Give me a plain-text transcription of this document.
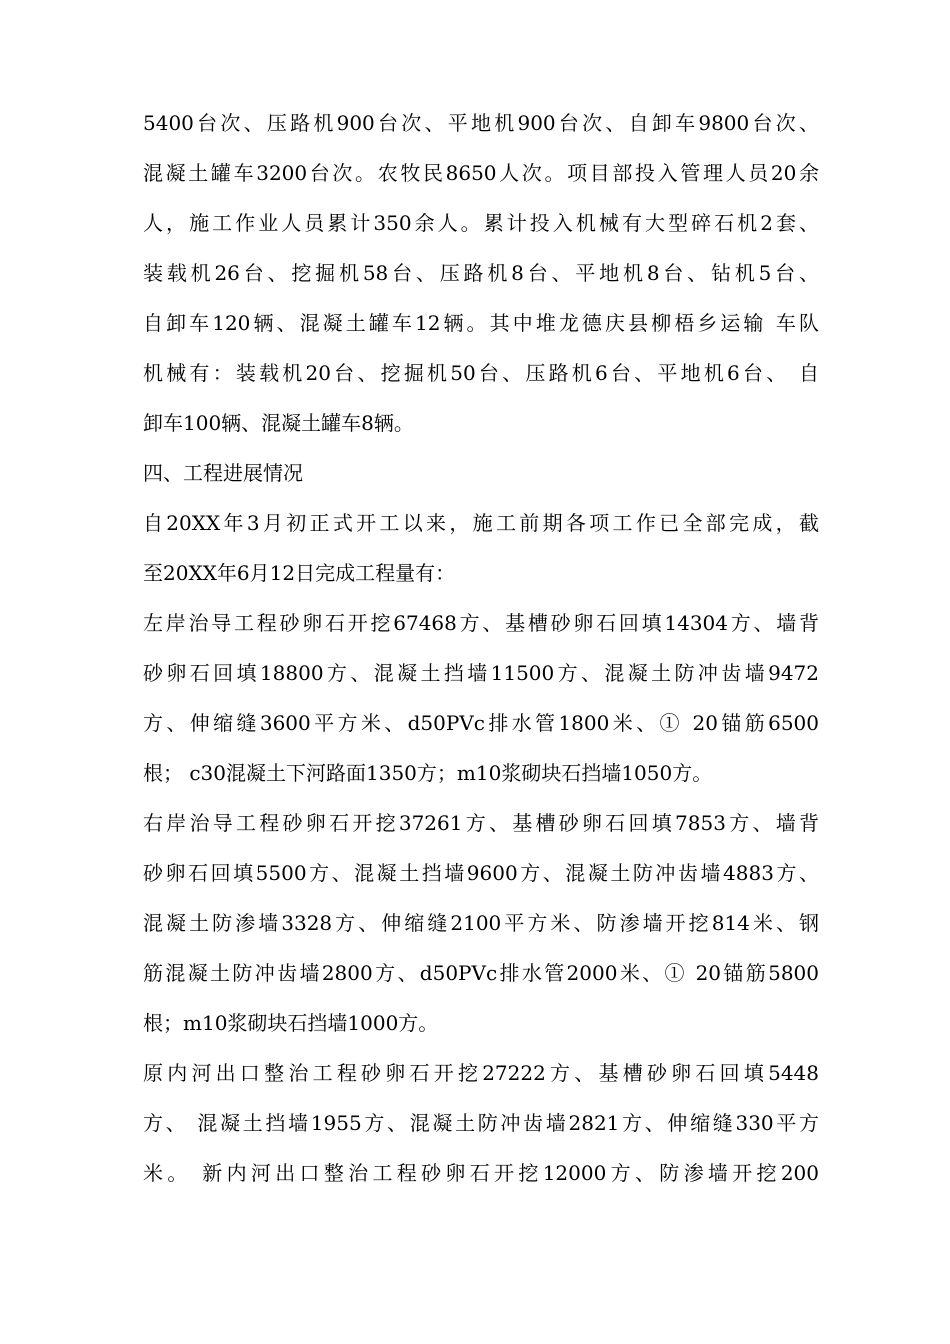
5400台次、压路机900台次、平地机900台次、自卸车9800台次、
混凝土罐车3200台次。农牧民8650人次。项目部投入管理人员20余
人，施工作业人员累计350余人。累计投入机械有大型碎石机2套、
装载机26台、挖掘机58台、压路机8台、平地机8台、钻机5台、
自卸车120辆、混凝土罐车12辆。其中堆龙德庆县柳梧乡运输 车队
机械有：装载机20台、挖掘机50台、压路机6台、平地机6台、 自
卸车100辆、混凝土罐车8辆。
四、工程进展情况
自20XX年3月初正式开工以来，施工前期各项工作已全部完成，截
至20XX年6月12日完成工程量有：
左岸治导工程砂卵石开挖67468方、基槽砂卵石回填14304方、墙背
砂卵石回填18800方、混凝土挡墙11500方、混凝土防冲齿墙9472
方、伸缩缝3600平方米、d50PVc排水管1800米、① 20锚筋6500
根； c30混凝土下河路面1350方；m10浆砌块石挡墙1050方。
右岸治导工程砂卵石开挖37261方、基槽砂卵石回填7853方、墙背
砂卵石回填5500方、混凝土挡墙9600方、混凝土防冲齿墙4883方、
混凝土防渗墙3328方、伸缩缝2100平方米、防渗墙开挖814米、钢
筋混凝土防冲齿墙2800方、d50PVc排水管2000米、① 20锚筋5800
根；m10浆砌块石挡墙1000方。
原内河出口整治工程砂卵石开挖27222方、基槽砂卵石回填5448
方、 混凝土挡墙1955方、混凝土防冲齿墙2821方、伸缩缝330平方
米。 新内河出口整治工程砂卵石开挖12000方、防渗墙开挖200
